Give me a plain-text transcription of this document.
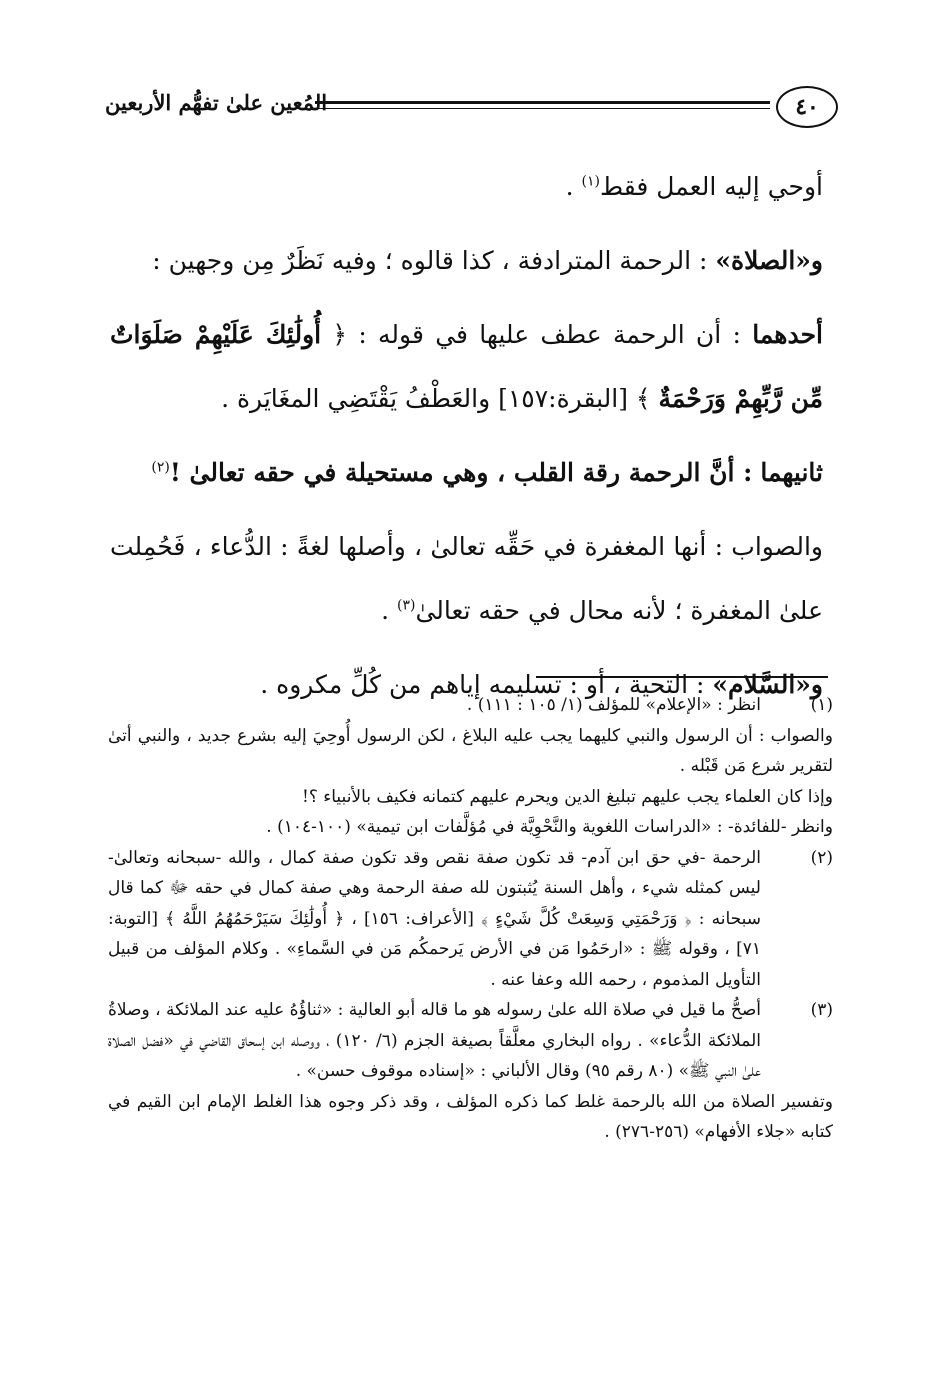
٤٠
المُعين علىٰ تفهُّم الأربعين

أوحي إليه العمل فقط$^{(١)}$ .

و«الصلاة» : الرحمة المترادفة ، كذا قالوه ؛ وفيه نَظَرٌ مِن وجهين :

أحدهما : أن الرحمة عطف عليها في قوله : ﴿ أُولَٰئِكَ عَلَيْهِمْ صَلَوَاتٌ مِّن رَّبِّهِمْ وَرَحْمَةٌ ﴾ [البقرة:١٥٧] والعَطْفُ يَقْتَضِي المغَايَرة .

ثانيهما : أنَّ الرحمة رقة القلب ، وهي مستحيلة في حقه تعالىٰ !$^{(٢)}$

والصواب : أنها المغفرة في حَقِّه تعالىٰ ، وأصلها لغةً : الدُّعاء ، فَحُمِلت علىٰ المغفرة ؛ لأنه محال في حقه تعالىٰ$^{(٣)}$ .

و«السَّلام» : التحية ، أو : تسليمه إياهم من كُلِّ مكروه .

(١)

انظر : «الإعلام» للمؤلف (١/ ١٠٥ : ١١١) .

والصواب : أن الرسول والنبي كليهما يجب عليه البلاغ ، لكن الرسول أُوحِيَ إليه بشرع جديد ، والنبي أتىٰ لتقرير شرع مَن قَبْله .

وإذا كان العلماء يجب عليهم تبليغ الدين ويحرم عليهم كتمانه فكيف بالأنبياء ؟!

وانظر -للفائدة- : «الدراسات اللغوية والنَّحْوِيَّة في مُؤلَّفات ابن تيمية» (١٠٠-١٠٤) .

(٢)

الرحمة -في حق ابن آدم- قد تكون صفة نقص وقد تكون صفة كمال ، والله -سبحانه وتعالىٰ- ليس كمثله شيء ، وأهل السنة يُثبتون لله صفة الرحمة وهي صفة كمال في حقه ﷻ كما قال سبحانه : ﴿ وَرَحْمَتِي وَسِعَتْ كُلَّ شَيْءٍ ﴾ [الأعراف: ١٥٦] ، ﴿ أُولَٰئِكَ سَيَرْحَمُهُمُ اللَّهُ ﴾ [التوبة: ٧١] ، وقوله ﷺ : «ارحَمُوا مَن في الأرض يَرحمكُم مَن في السَّماءِ» . وكلام المؤلف من قبيل التأويل المذموم ، رحمه الله وعفا عنه .

(٣)

أصحُّ ما قيل في صلاة الله علىٰ رسوله هو ما قاله أبو العالية : «ثناؤُهُ عليه عند الملائكة ، وصلاةُ الملائكة الدُّعاء» . رواه البخاري معلَّقاً بصيغة الجزم (٦/ ١٢٠) ، ووصله ابن إسحاق القاضي في «فضل الصلاة علىٰ النبي ﷺ» (٨٠ رقم ٩٥) وقال الألباني : «إسناده موقوف حسن» .

وتفسير الصلاة من الله بالرحمة غلط كما ذكره المؤلف ، وقد ذكر وجوه هذا الغلط الإمام ابن القيم في كتابه «جلاء الأفهام» (٢٥٦-٢٧٦) .
